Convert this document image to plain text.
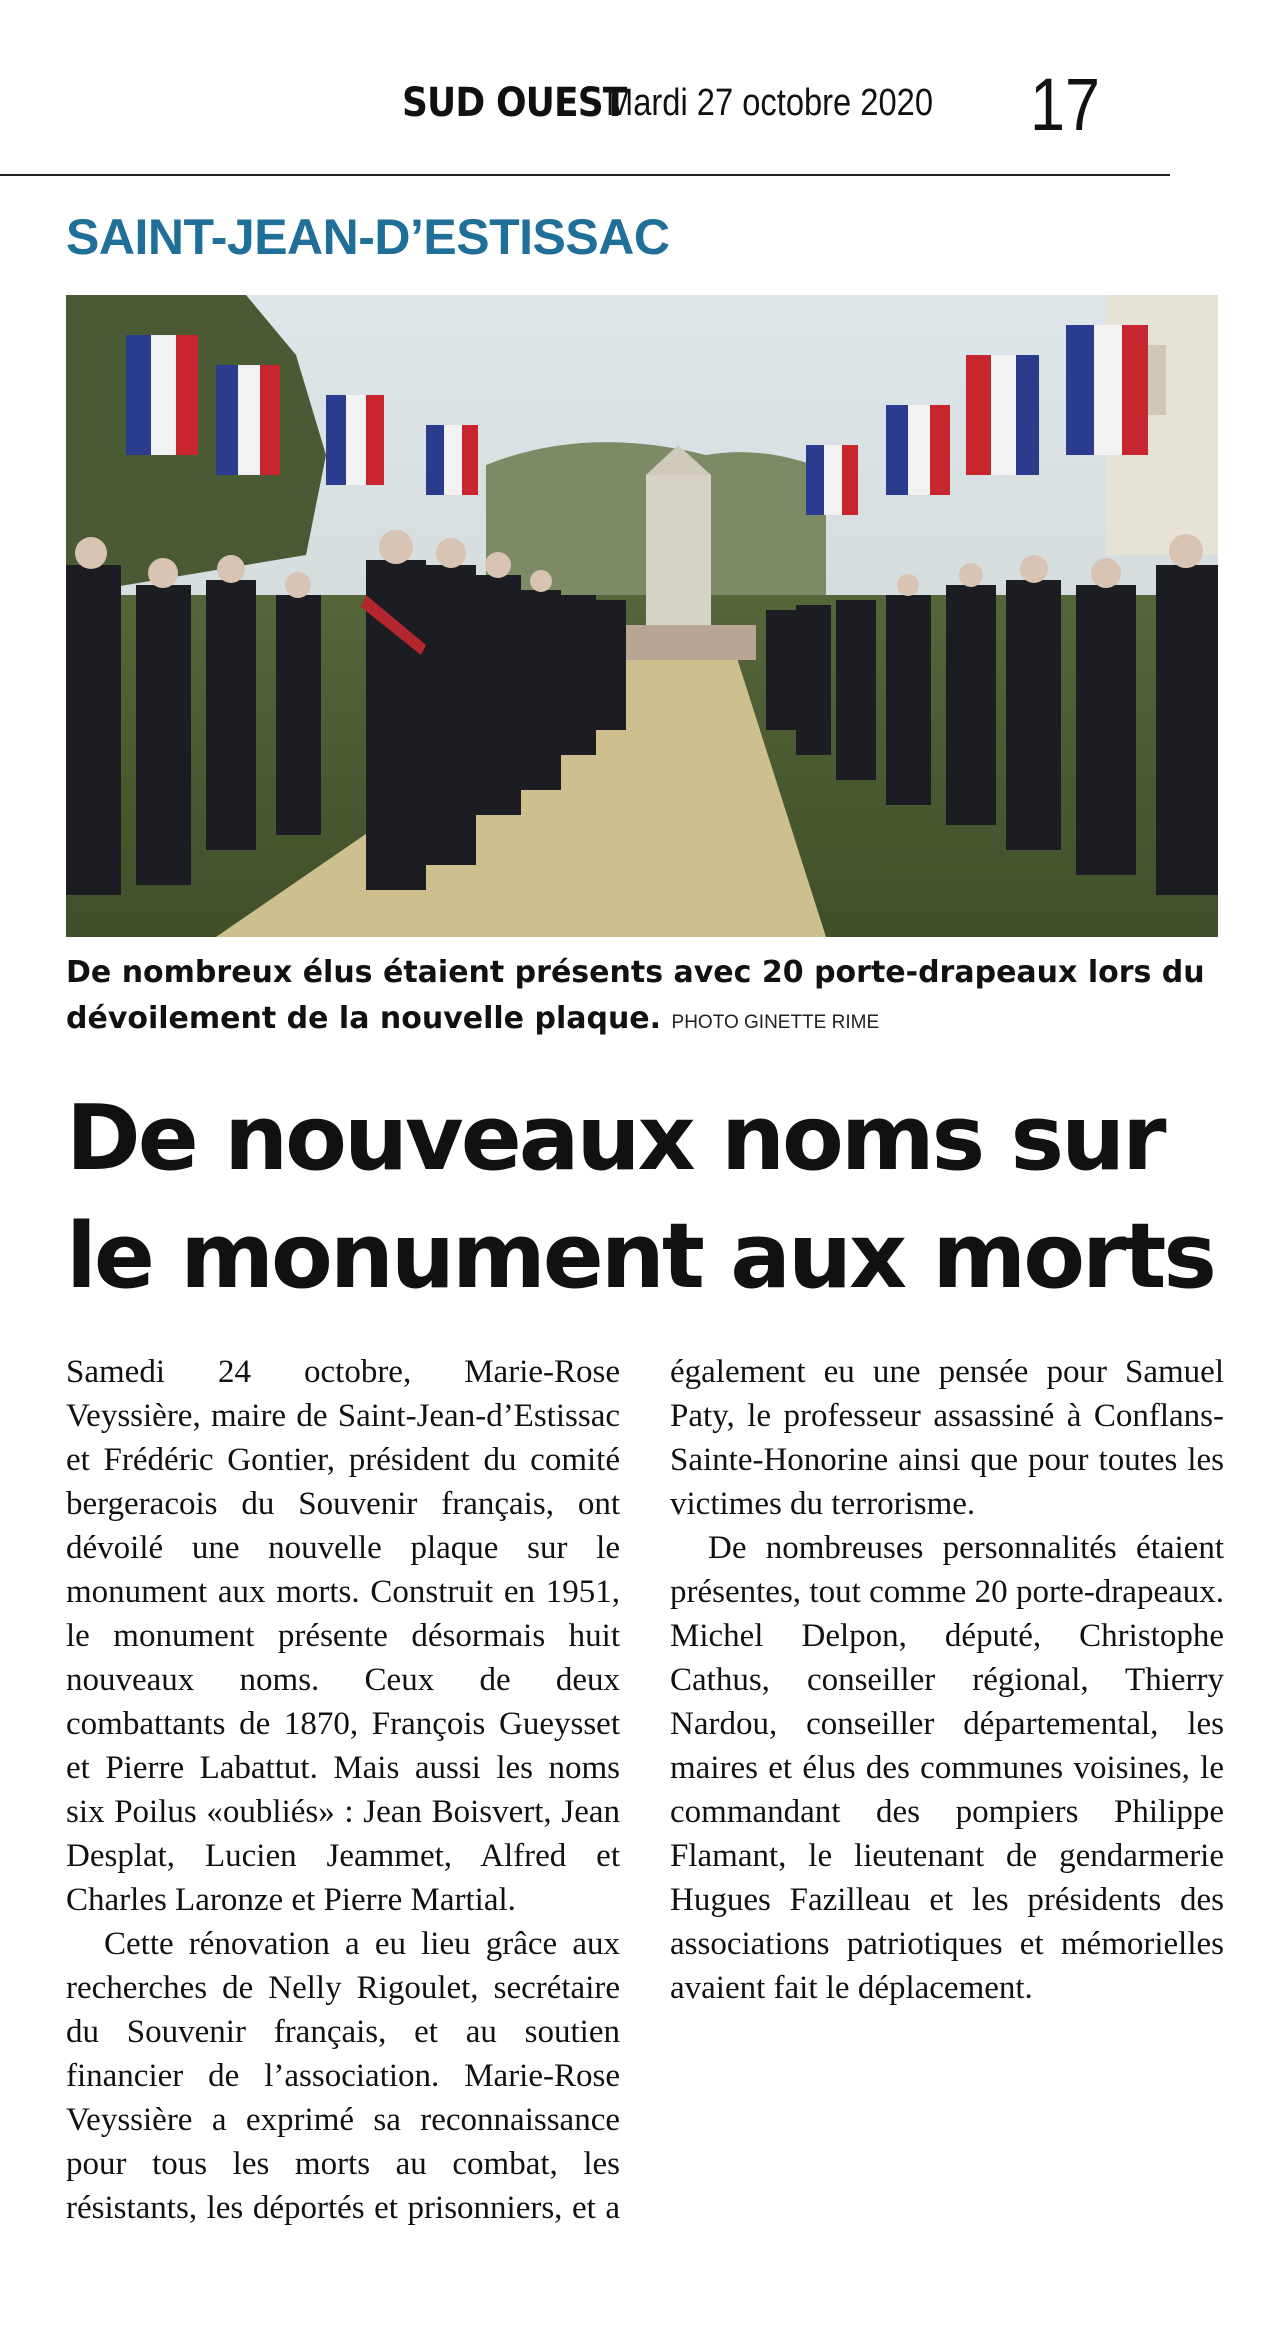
SUD OUEST
Mardi 27 octobre 2020 17
SAINT-JEAN-D’ESTISSAC
De nombreux élus étaient présents avec 20 porte-drapeaux lors du dévoilement de la nouvelle plaque. PHOTO GINETTE RIME
De nouveaux noms sur
le monument aux morts

Samedi 24 octobre, Marie-Rose Veyssière, maire de Saint-Jean-d’Estissac et Frédéric Gontier, président du comité bergeracois du Souvenir français, ont dévoilé une nouvelle plaque sur le monument aux morts. Construit en 1951, le monument présente désormais huit nouveaux noms. Ceux de deux combattants de 1870, François Gueysset et Pierre Labattut. Mais aussi les noms six Poilus «oubliés» : Jean Boisvert, Jean Desplat, Lucien Jeammet, Alfred et Charles Laronze et Pierre Martial.

Cette rénovation a eu lieu grâce aux recherches de Nelly Rigoulet, secrétaire du Souvenir français, et au soutien financier de l’association. Marie-Rose Veyssière a exprimé sa reconnaissance pour tous les morts au combat, les résistants, les déportés et prisonniers, et a également eu une pensée pour Samuel Paty, le professeur assassiné à Conflans-Sainte-Honorine ainsi que pour toutes les victimes du terrorisme.

De nombreuses personnalités étaient présentes, tout comme 20 porte-drapeaux. Michel Delpon, député, Christophe Cathus, conseiller régional, Thierry Nardou, conseiller départemental, les maires et élus des communes voisines, le commandant des pompiers Philippe Flamant, le lieutenant de gendarmerie Hugues Fazilleau et les présidents des associations patriotiques et mémorielles avaient fait le déplacement.
